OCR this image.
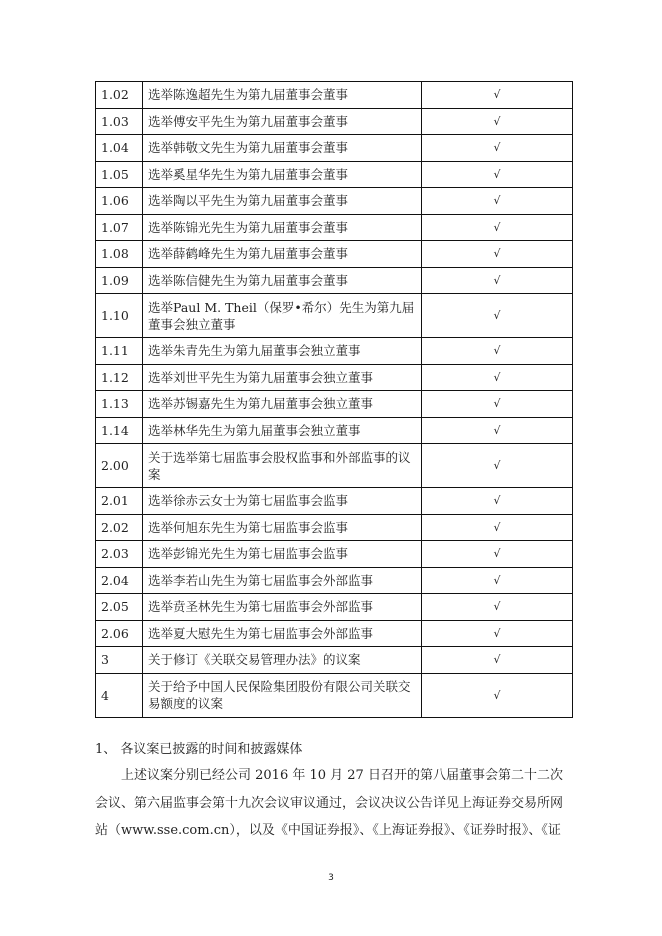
1.02	选举陈逸超先生为第九届董事会董事	√
1.03	选举傅安平先生为第九届董事会董事	√
1.04	选举韩敬文先生为第九届董事会董事	√
1.05	选举奚星华先生为第九届董事会董事	√
1.06	选举陶以平先生为第九届董事会董事	√
1.07	选举陈锦光先生为第九届董事会董事	√
1.08	选举薛鹤峰先生为第九届董事会董事	√
1.09	选举陈信健先生为第九届董事会董事	√
1.10	选举Paul M. Theil（保罗•希尔）先生为第九届董事会独立董事	√
1.11	选举朱青先生为第九届董事会独立董事	√
1.12	选举刘世平先生为第九届董事会独立董事	√
1.13	选举苏锡嘉先生为第九届董事会独立董事	√
1.14	选举林华先生为第九届董事会独立董事	√
2.00	关于选举第七届监事会股权监事和外部监事的议案	√
2.01	选举徐赤云女士为第七届监事会监事	√
2.02	选举何旭东先生为第七届监事会监事	√
2.03	选举彭锦光先生为第七届监事会监事	√
2.04	选举李若山先生为第七届监事会外部监事	√
2.05	选举贲圣林先生为第七届监事会外部监事	√
2.06	选举夏大慰先生为第七届监事会外部监事	√
3	关于修订《关联交易管理办法》的议案	√
4	关于给予中国人民保险集团股份有限公司关联交易额度的议案	√
1、 各议案已披露的时间和披露媒体
上述议案分别已经公司 2016 年 10 月 27 日召开的第八届董事会第二十二次会议、第六届监事会第十九次会议审议通过，会议决议公告详见上海证券交易所网站（www.sse.com.cn），以及《中国证券报》、《上海证券报》、《证券时报》、《证
3
